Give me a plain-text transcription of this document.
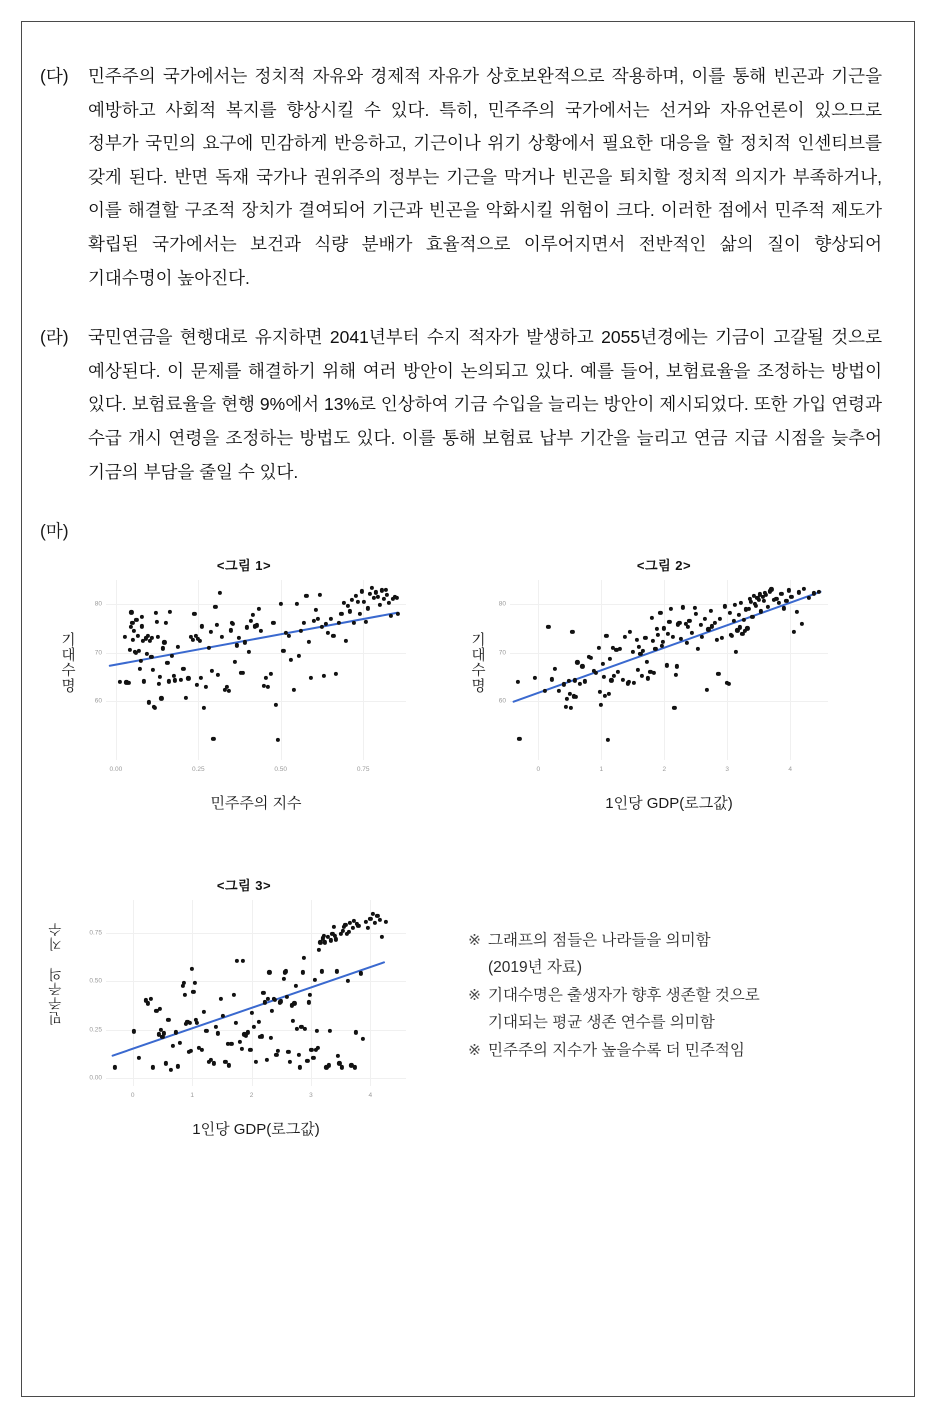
(다)	민주주의 국가에서는 정치적 자유와 경제적 자유가 상호보완적으로 작용하며, 이를 통해 빈곤과 기근을 예방하고 사회적 복지를 향상시킬 수 있다. 특히, 민주주의 국가에서는 선거와 자유언론이 있으므로 정부가 국민의 요구에 민감하게 반응하고, 기근이나 위기 상황에서 필요한 대응을 할 정치적 인센티브를 갖게 된다. 반면 독재 국가나 권위주의 정부는 기근을 막거나 빈곤을 퇴치할 정치적 의지가 부족하거나, 이를 해결할 구조적 장치가 결여되어 기근과 빈곤을 악화시킬 위험이 크다. 이러한 점에서 민주적 제도가 확립된 국가에서는 보건과 식량 분배가 효율적으로 이루어지면서 전반적인 삶의 질이 향상되어 기대수명이 높아진다.
(라)	국민연금을 현행대로 유지하면 2041년부터 수지 적자가 발생하고 2055년경에는 기금이 고갈될 것으로 예상된다. 이 문제를 해결하기 위해 여러 방안이 논의되고 있다. 예를 들어, 보험료율을 조정하는 방법이 있다. 보험료율을 현행 9%에서 13%로 인상하여 기금 수입을 늘리는 방안이 제시되었다. 또한 가입 연령과 수급 개시 연령을 조정하는 방법도 있다. 이를 통해 보험료 납부 기간을 늘리고 연금 지급 시점을 늦추어 기금의 부담을 줄일 수 있다.
(마)
<그림 1>
80
70
60
0.00	0.25	0.50	0.75
기대수명
민주주의 지수
<그림 2>
80
70
60
0	1	2	3	4
기대수명
1인당 GDP(로그값)
<그림 3>
0.75
0.50
0.25
0.00
0	1	2	3	4
민주주의 지수
1인당 GDP(로그값)
※ 그래프의 점들은 나라들을 의미함
(2019년 자료)
※ 기대수명은 출생자가 향후 생존할 것으로
기대되는 평균 생존 연수를 의미함
※ 민주주의 지수가 높을수록 더 민주적임
